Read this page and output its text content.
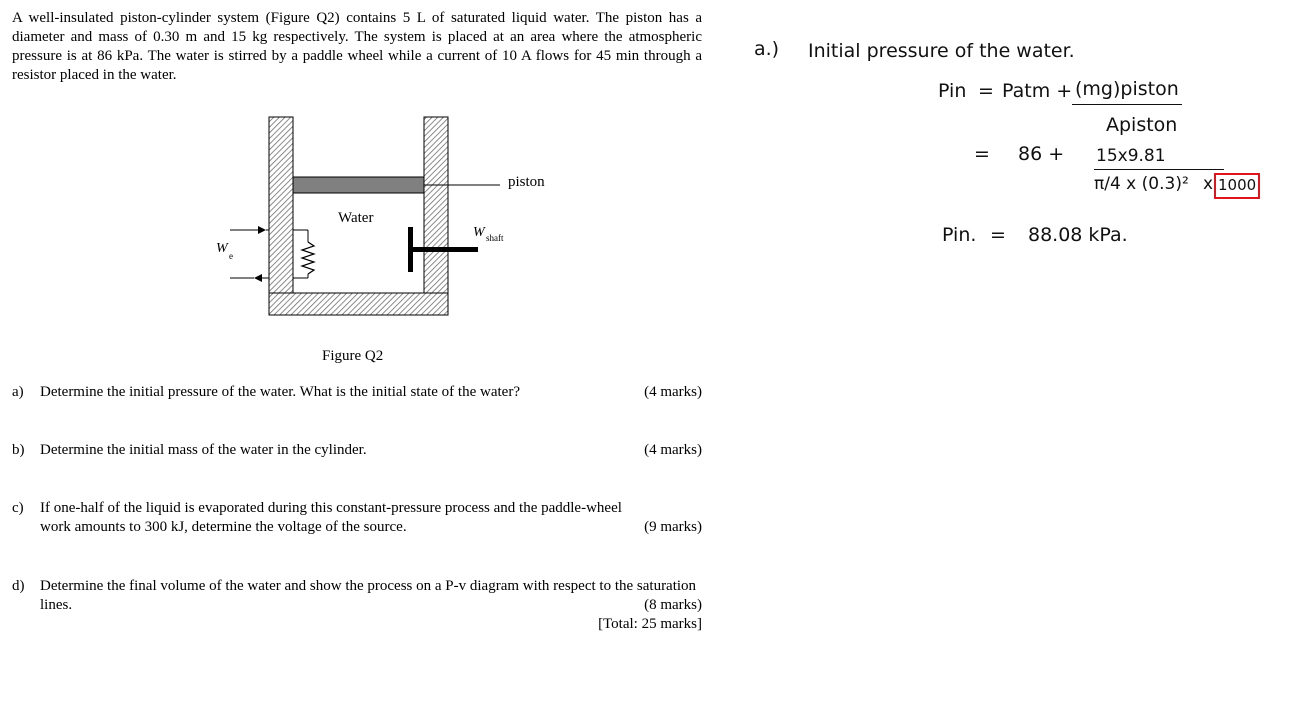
A well-insulated piston-cylinder system (Figure Q2) contains 5 L of saturated liquid water. The piston has a diameter and mass of 0.30 m and 15 kg respectively. The system is placed at an area where the atmospheric pressure is at 86 kPa. The water is stirred by a paddle wheel while a current of 10 A flows for 45 min through a resistor placed in the water.
piston
Water
W e
W shaft
Figure Q2
a) Determine the initial pressure of the water. What is the initial state of the water?	(4 marks)
b) Determine the initial mass of the water in the cylinder.	(4 marks)
c) If one-half of the liquid is evaporated during this constant-pressure process and the paddle-wheel work amounts to 300 kJ, determine the voltage of the source.	(9 marks)
d) Determine the final volume of the water and show the process on a P-v diagram with respect to the saturation lines.	(8 marks)
[Total: 25 marks]
a.) Initial pressure of the water.
Pin = Patm + (mg)piston
Apiston
= 86 + 15x9.81
π/4 x (0.3)² x 1000
Pin. = 88.08 kPa.
